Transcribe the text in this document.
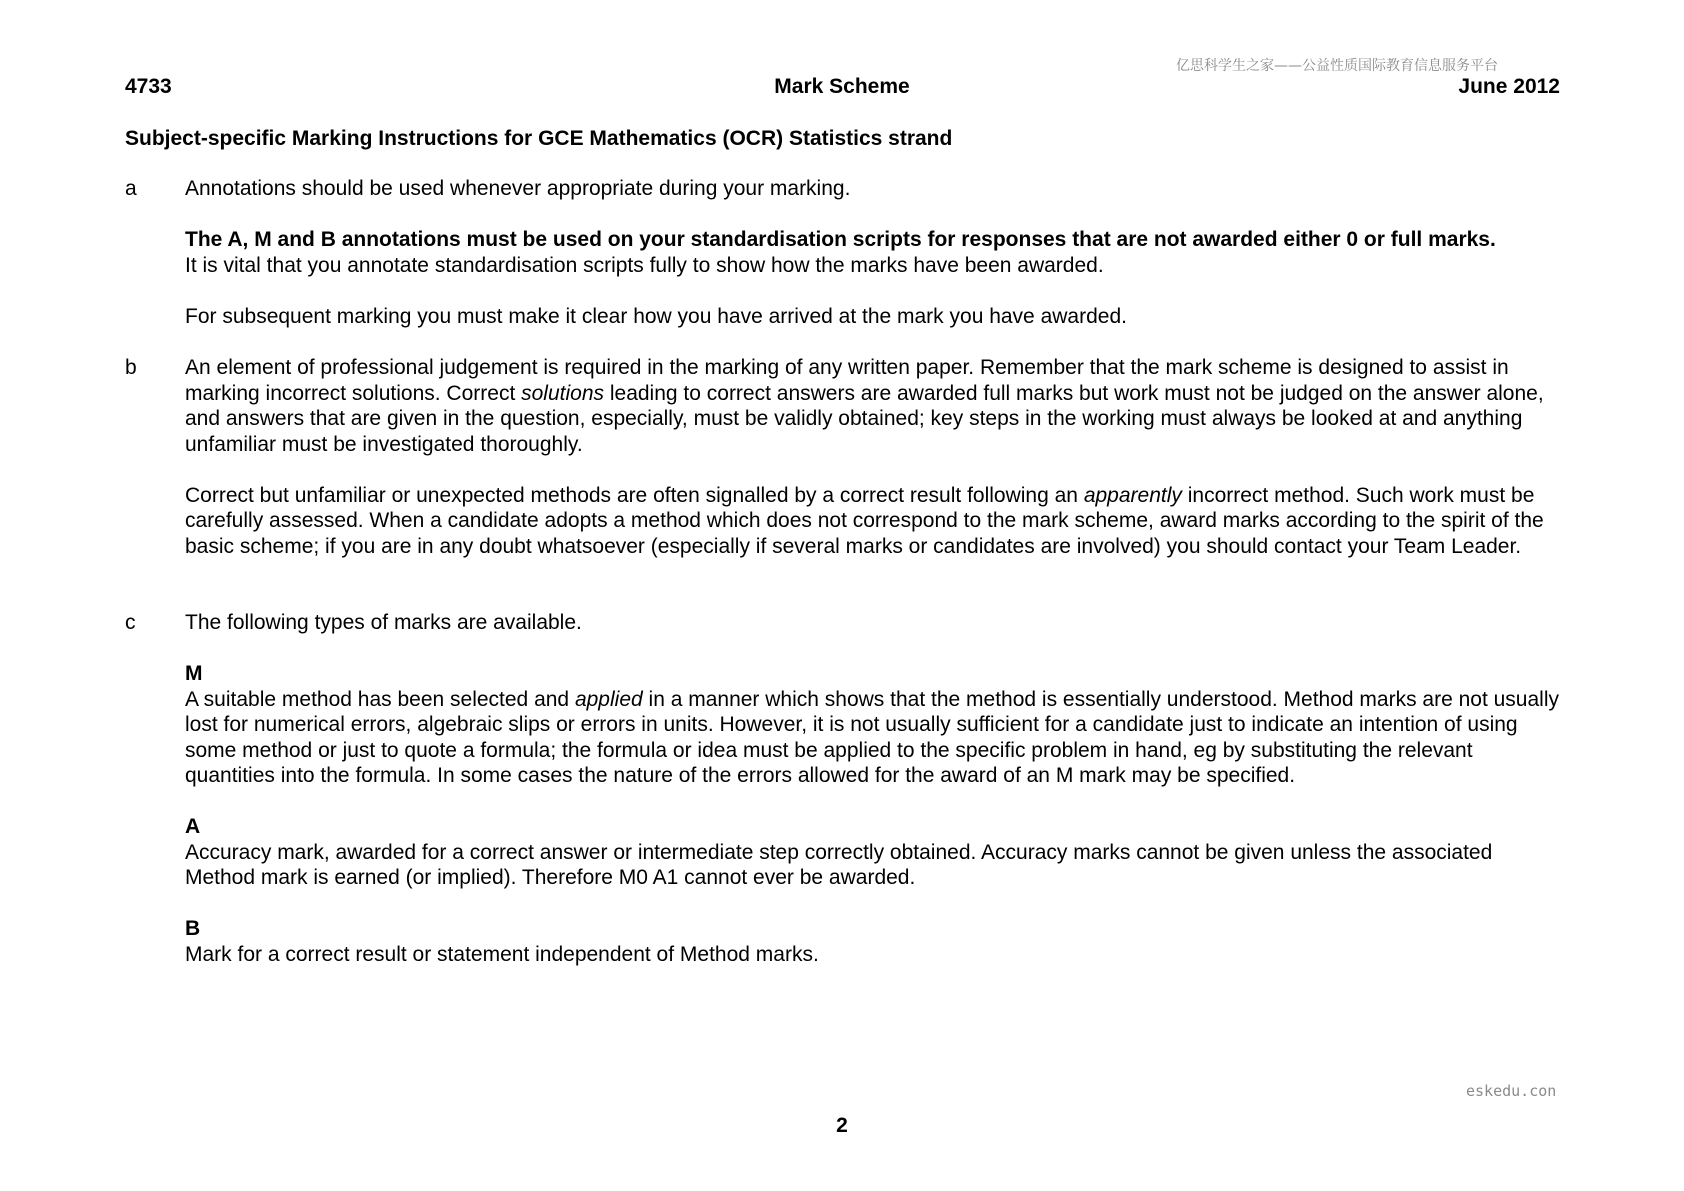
亿思科学生之家——公益性质国际教育信息服务平台
Mark Scheme
4733	June 2012
Subject-specific Marking Instructions for GCE Mathematics (OCR) Statistics strand
a Annotations should be used whenever appropriate during your marking.

The A, M and B annotations must be used on your standardisation scripts for responses that are not awarded either 0 or full marks.
It is vital that you annotate standardisation scripts fully to show how the marks have been awarded.

For subsequent marking you must make it clear how you have arrived at the mark you have awarded.

b An element of professional judgement is required in the marking of any written paper. Remember that the mark scheme is designed to assist in marking incorrect solutions. Correct solutions leading to correct answers are awarded full marks but work must not be judged on the answer alone, and answers that are given in the question, especially, must be validly obtained; key steps in the working must always be looked at and anything unfamiliar must be investigated thoroughly.

Correct but unfamiliar or unexpected methods are often signalled by a correct result following an apparently incorrect method. Such work must be carefully assessed. When a candidate adopts a method which does not correspond to the mark scheme, award marks according to the spirit of the basic scheme; if you are in any doubt whatsoever (especially if several marks or candidates are involved) you should contact your Team Leader.

c The following types of marks are available.

M
A suitable method has been selected and applied in a manner which shows that the method is essentially understood. Method marks are not usually lost for numerical errors, algebraic slips or errors in units. However, it is not usually sufficient for a candidate just to indicate an intention of using some method or just to quote a formula; the formula or idea must be applied to the specific problem in hand, eg by substituting the relevant quantities into the formula. In some cases the nature of the errors allowed for the award of an M mark may be specified.

A
Accuracy mark, awarded for a correct answer or intermediate step correctly obtained. Accuracy marks cannot be given unless the associated Method mark is earned (or implied). Therefore M0 A1 cannot ever be awarded.

B
Mark for a correct result or statement independent of Method marks.

eskedu.con
2
